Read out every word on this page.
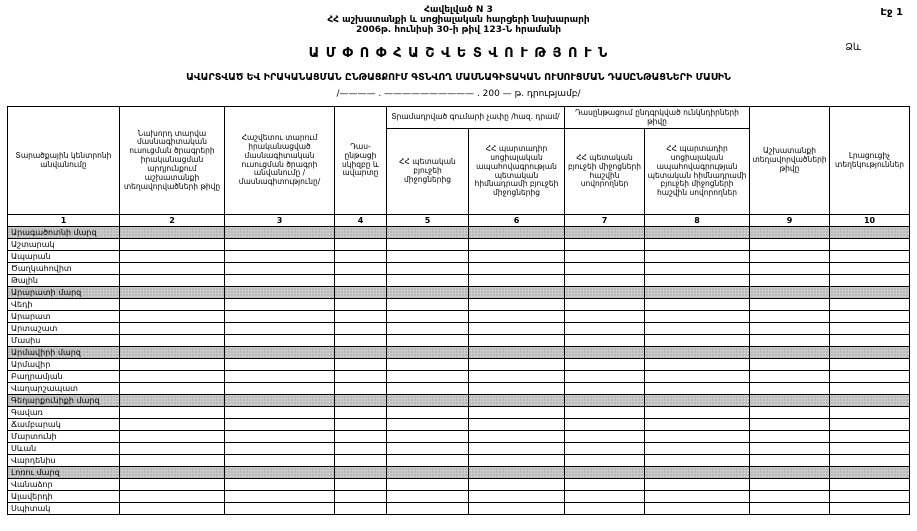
Էջ 1
Հավելված N 3
ՀՀ աշխատանքի և սոցիալական հարցերի նախարարի
2006թ. հունիսի 30-ի թիվ 123-Ն հրամանի
Ա Մ Փ Ո Փ Հ Ա Շ Վ Ե Տ Վ Ո Ւ Թ Յ Ո Ւ Ն	Ձև
ԱՎԱՐՏՎԱԾ ԵՎ ԻՐԱԿԱՆԱՑՄԱՆ ԸՆԹԱՑՔՈՒՄ ԳՏՆՎՈՂ ՄԱՍՆԱԳԻՏԱԿԱՆ ՈՒՍՈՒՑՄԱՆ ԴԱՍԸՆԹԱՑՆԵՐԻ ՄԱՍԻՆ
/———— . —————————— . 200 — թ. դրությամբ/
Տարածքային կենտրոնի անվանումը	Նախորդ տարվա մասնագիտական ուսուցման ծրագրերի իրականացման արդյունքում աշխատանքի տեղավորվածների թիվը	Հաշվետու տարում իրականացված մասնագիտական ուսուցման ծրագրի անվանումը /մասնագիտությունը/	Դասընթացի սկիզբը և ավարտը	Տրամադրված գումարի չափը /հազ. դրամ/		Դասընթացում ընդգրկված ունկնդիրների թիվը		Աշխատանքի տեղավորվածների թիվը	Լրացուցիչ տեղեկություններ
				ՀՀ պետական բյուջեի միջոցներից	ՀՀ պարտադիր սոցիալական ապահովագրության պետական հիմնադրամի բյուջեի միջոցներից	ՀՀ պետական բյուջեի միջոցների հաշվին սովորողներ	ՀՀ պարտադիր սոցիալական ապահովագրության պետական հիմնադրամի բյուջեի միջոցների հաշվին սովորողներ		
1	2	3	4	5	6	7	8	9	10
Արագածոտնի մարզ									
Աշտարակ									
Ապարան									
Ծաղկահովիտ									
Թալին									
Արարատի մարզ									
Վեդի									
Արարատ									
Արտաշատ									
Մասիս									
Արմավիրի մարզ									
Արմավիր									
Բաղրամյան									
Վաղարշապատ									
Գեղարքունիքի մարզ									
Գավառ									
Ճամբարակ									
Մարտունի									
Սևան									
Վարդենիս									
Լոռու մարզ									
Վանաձոր									
Ալավերդի									
Սպիտակ									
